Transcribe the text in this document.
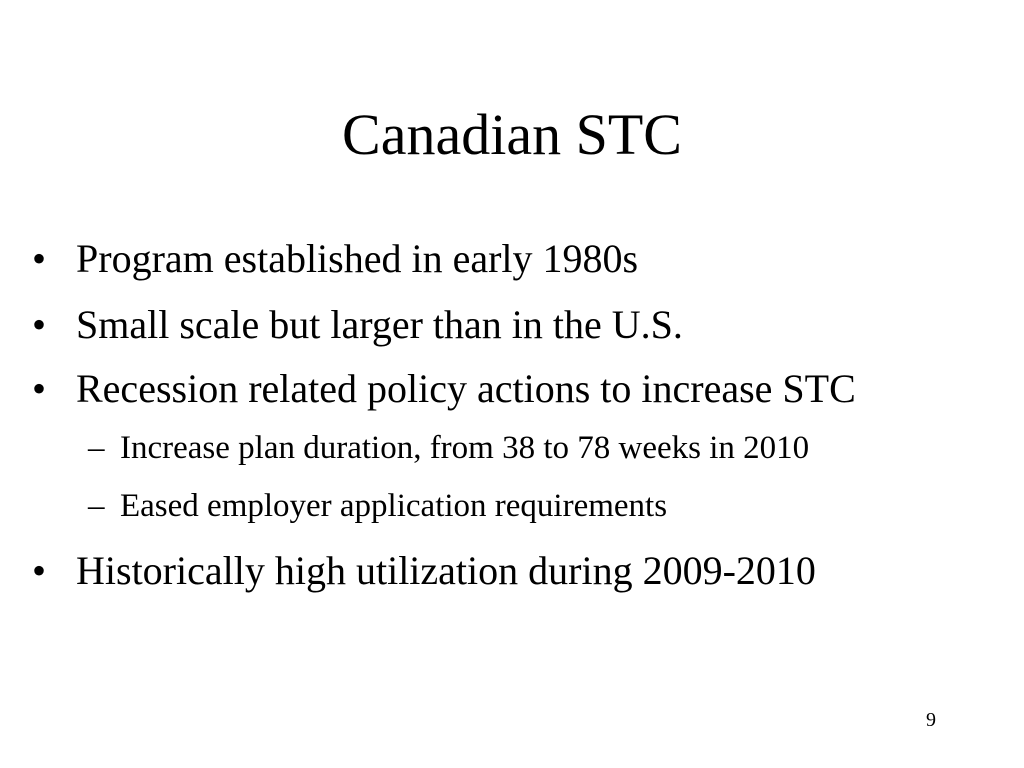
Canadian STC
• Program established in early 1980s
• Small scale but larger than in the U.S.
• Recession related policy actions to increase STC
– Increase plan duration, from 38 to 78 weeks in 2010
– Eased employer application requirements
• Historically high utilization during 2009-2010
9
